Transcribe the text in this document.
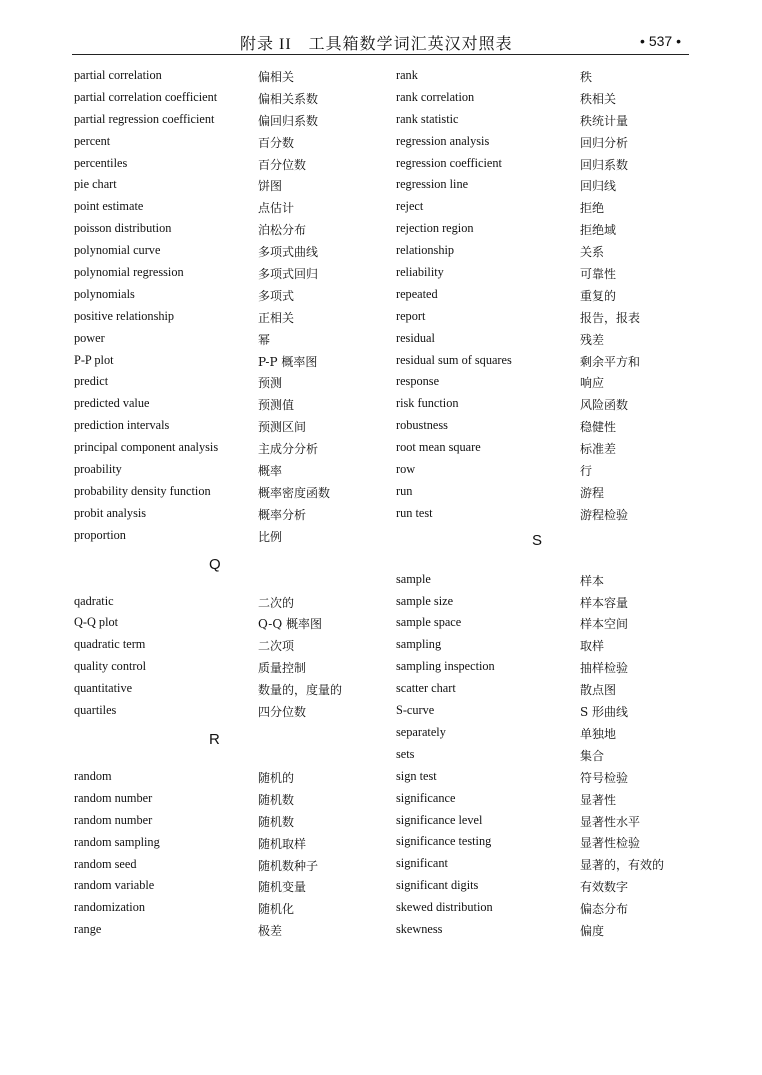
附录 II　工具箱数学词汇英汉对照表	• 537 •
partial correlation	偏相关
partial correlation coefficient	偏相关系数
partial regression coefficient	偏回归系数
percent	百分数
percentiles	百分位数
pie chart	饼图
point estimate	点估计
poisson distribution	泊松分布
polynomial curve	多项式曲线
polynomial regression	多项式回归
polynomials	多项式
positive relationship	正相关
power	幂
P-P plot	P-P 概率图
predict	预测
predicted value	预测值
prediction intervals	预测区间
principal component analysis	主成分分析
proability	概率
probability density function	概率密度函数
probit analysis	概率分析
proportion	比例
Q
qadratic	二次的
Q-Q plot	Q-Q 概率图
quadratic term	二次项
quality control	质量控制
quantitative	数量的，度量的
quartiles	四分位数
R
random	随机的
random number	随机数
random number	随机数
random sampling	随机取样
random seed	随机数种子
random variable	随机变量
randomization	随机化
range	极差
rank	秩
rank correlation	秩相关
rank statistic	秩统计量
regression analysis	回归分析
regression coefficient	回归系数
regression line	回归线
reject	拒绝
rejection region	拒绝域
relationship	关系
reliability	可靠性
repeated	重复的
report	报告，报表
residual	残差
residual sum of squares	剩余平方和
response	响应
risk function	风险函数
robustness	稳健性
root mean square	标准差
row	行
run	游程
run test	游程检验
S
sample	样本
sample size	样本容量
sample space	样本空间
sampling	取样
sampling inspection	抽样检验
scatter chart	散点图
S-curve	S 形曲线
separately	单独地
sets	集合
sign test	符号检验
significance	显著性
significance level	显著性水平
significance testing	显著性检验
significant	显著的，有效的
significant digits	有效数字
skewed distribution	偏态分布
skewness	偏度
